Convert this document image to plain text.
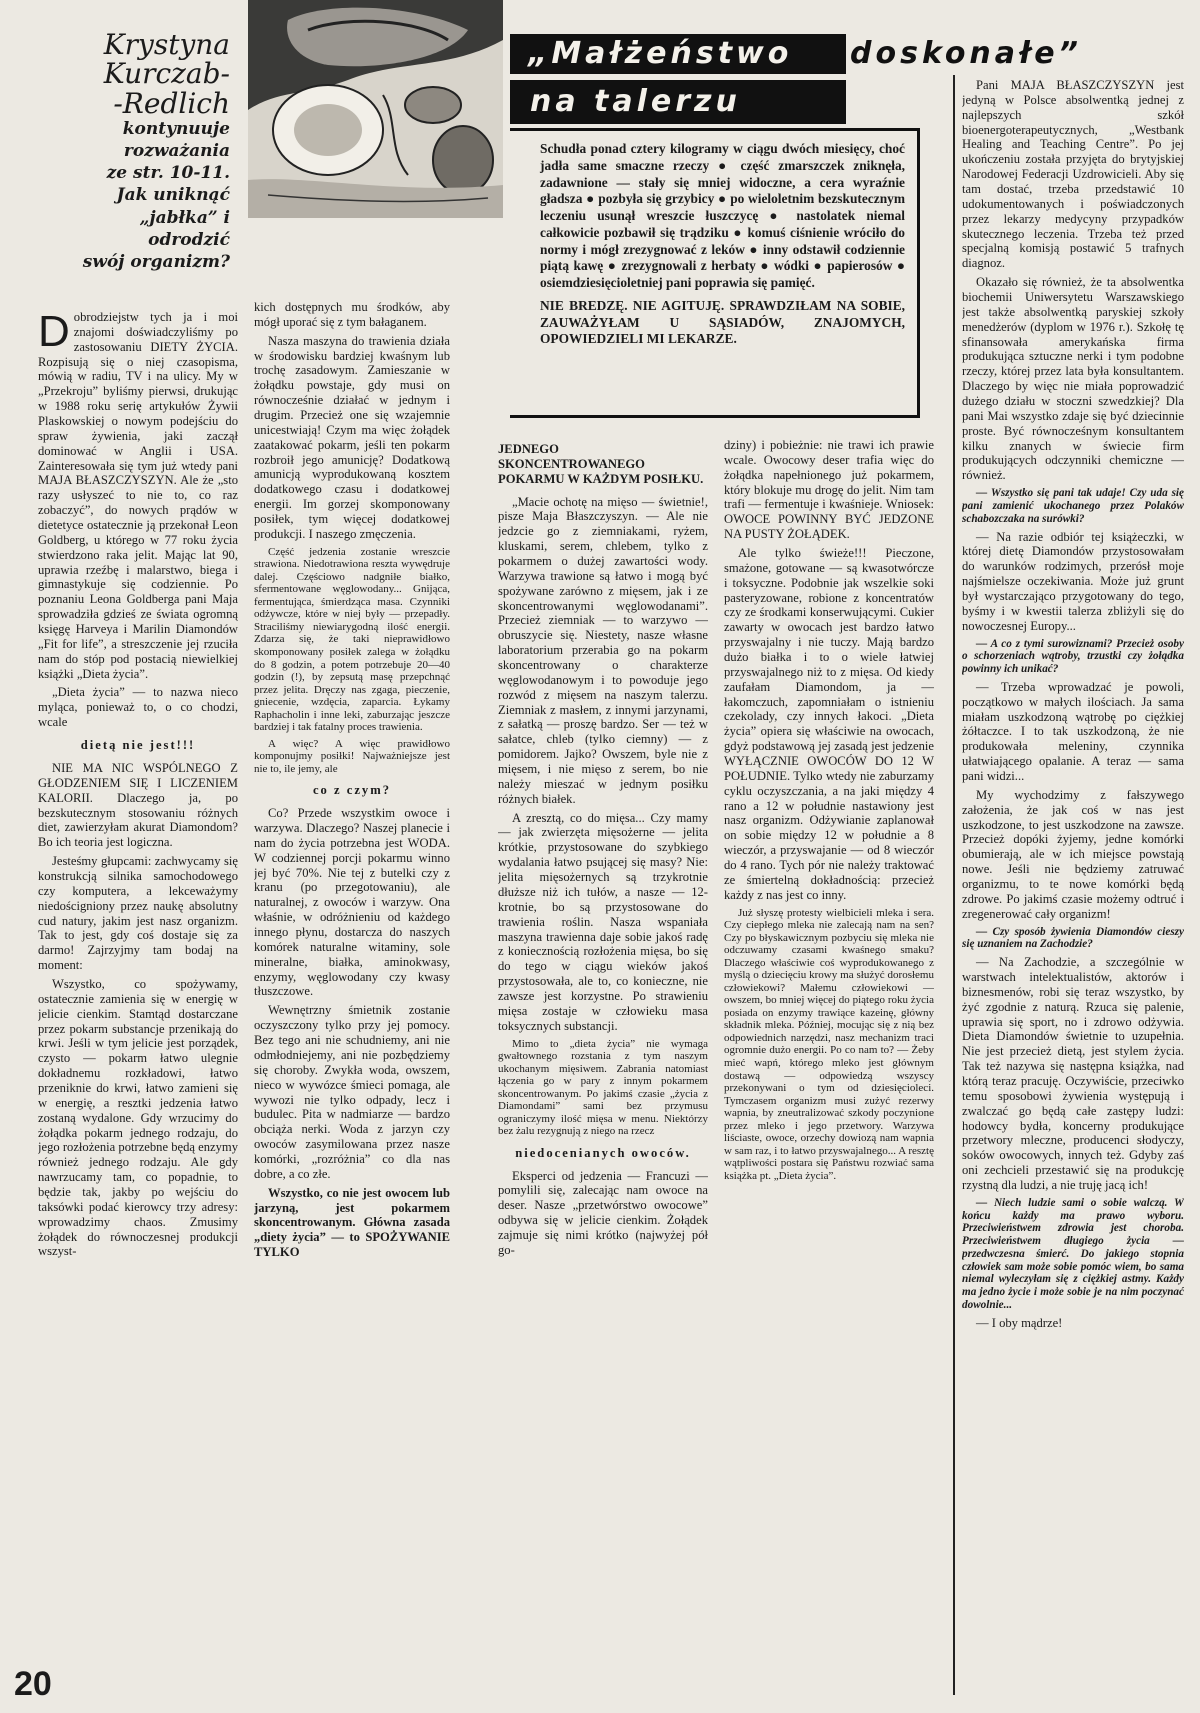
Krystyna
Kurczab-
-Redlich
kontynuuje
rozważania
ze str. 10-11.
Jak uniknąć
„jabłka” i odrodzić
swój organizm?
„Małżeństwo	doskonałe”
na talerzu
Schudła ponad cztery kilogramy w ciągu dwóch miesięcy, choć jadła same smaczne rzeczy ● część zmarszczek zniknęła, zadawnione — stały się mniej widoczne, a cera wyraźnie gładsza ● pozbyła się grzybicy ● po wieloletnim bezskutecznym leczeniu usunął wreszcie łuszczycę ● nastolatek niemal całkowicie pozbawił się trądziku ● komuś ciśnienie wróciło do normy i mógł zrezygnować z leków ● inny odstawił codziennie piątą kawę ● zrezygnowali z herbaty ● wódki ● papierosów ● osiemdziesięcioletniej pani poprawia się pamięć.
NIE BREDZĘ. NIE AGITUJĘ. SPRAWDZIŁAM NA SOBIE, ZAUWAŻYŁAM U SĄSIADÓW, ZNAJOMYCH, OPOWIEDZIELI MI LEKARZE.

Dobrodziejstw tych ja i moi znajomi doświadczyliśmy po zastosowaniu DIETY ŻYCIA. Rozpisują się o niej czasopisma, mówią w radiu, TV i na ulicy. My w „Przekroju” byliśmy pierwsi, drukując w 1988 roku serię artykułów Żywii Plaskowskiej o nowym podejściu do spraw żywienia, jaki zaczął dominować w Anglii i USA. Zainteresowała się tym już wtedy pani MAJA BŁASZCZYSZYN. Ale że „sto razy usłyszeć to nie to, co raz zobaczyć”, do nowych prądów w dietetyce ostatecznie ją przekonał Leon Goldberg, u którego w 77 roku życia stwierdzono raka jelit. Mając lat 90, uprawia rzeźbę i malarstwo, biega i gimnastykuje się codziennie. Po poznaniu Leona Goldberga pani Maja sprowadziła gdzieś ze świata ogromną księgę Harveya i Marilin Diamondów „Fit for life”, a streszczenie jej rzuciła nam do stóp pod postacią niewielkiej książki „Dieta życia”.

„Dieta życia” — to nazwa nieco myląca, ponieważ to, o co chodzi, wcale

dietą nie jest!!!

NIE MA NIC WSPÓLNEGO Z GŁODZENIEM SIĘ I LICZENIEM KALORII. Dlaczego ja, po bezskutecznym stosowaniu różnych diet, zawierzyłam akurat Diamondom? Bo ich teoria jest logiczna.

Jesteśmy głupcami: zachwycamy się konstrukcją silnika samochodowego czy komputera, a lekceważymy niedościgniony przez naukę absolutny cud natury, jakim jest nasz organizm. Tak to jest, gdy coś dostaje się za darmo! Zajrzyjmy tam bodaj na moment:

Wszystko, co spożywamy, ostatecznie zamienia się w energię w jelicie cienkim. Stamtąd dostarczane przez pokarm substancje przenikają do krwi. Jeśli w tym jelicie jest porządek, czysto — pokarm łatwo ulegnie dokładnemu rozkładowi, łatwo przeniknie do krwi, łatwo zamieni się w energię, a resztki jedzenia łatwo zostaną wydalone. Gdy wrzucimy do żołądka pokarm jednego rodzaju, do jego rozłożenia potrzebne będą enzymy również jednego rodzaju. Ale gdy nawrzucamy tam, co popadnie, to będzie tak, jakby po wejściu do taksówki podać kierowcy trzy adresy: wprowadzimy chaos. Zmusimy żołądek do równoczesnej produkcji wszyst-

kich dostępnych mu środków, aby mógł uporać się z tym bałaganem.

Nasza maszyna do trawienia działa w środowisku bardziej kwaśnym lub trochę zasadowym. Zamieszanie w żołądku powstaje, gdy musi on równocześnie działać w jednym i drugim. Przecież one się wzajemnie unicestwiają! Czym ma więc żołądek zaatakować pokarm, jeśli ten pokarm rozbroił jego amunicję? Dodatkową amunicją wyprodukowaną kosztem dodatkowego czasu i dodatkowej energii. Im gorzej skomponowany posiłek, tym więcej dodatkowej produkcji. I naszego zmęczenia.

Część jedzenia zostanie wreszcie strawiona. Niedotrawiona reszta wywędruje dalej. Częściowo nadgniłe białko, sfermentowane węglowodany... Gnijąca, fermentująca, śmierdząca masa. Czynniki odżywcze, które w niej były — przepadły. Straciliśmy niewiarygodną ilość energii. Zdarza się, że taki nieprawidłowo skomponowany posiłek zalega w żołądku do 8 godzin, a potem potrzebuje 20—40 godzin (!), by zepsutą masę przepchnąć przez jelita. Dręczy nas zgaga, pieczenie, gniecenie, wzdęcia, zaparcia. Łykamy Raphacholin i inne leki, zaburzając jeszcze bardziej i tak fatalny proces trawienia.

A więc? A więc prawidłowo komponujmy posiłki! Najważniejsze jest nie to, ile jemy, ale

co z czym?

Co? Przede wszystkim owoce i warzywa. Dlaczego? Naszej planecie i nam do życia potrzebna jest WODA. W codziennej porcji pokarmu winno jej być 70%. Nie tej z butelki czy z kranu (po przegotowaniu), ale naturalnej, z owoców i warzyw. Ona właśnie, w odróżnieniu od każdego innego płynu, dostarcza do naszych komórek naturalne witaminy, sole mineralne, białka, aminokwasy, enzymy, węglowodany czy kwasy tłuszczowe.

Wewnętrzny śmietnik zostanie oczyszczony tylko przy jej pomocy. Bez tego ani nie schudniemy, ani nie odmłodniejemy, ani nie pozbędziemy się choroby. Zwykła woda, owszem, nieco w wywózce śmieci pomaga, ale wywozi nie tylko odpady, lecz i budulec. Pita w nadmiarze — bardzo obciąża nerki. Woda z jarzyn czy owoców zasymilowana przez nasze komórki, „rozróżnia” co dla nas dobre, a co złe.

Wszystko, co nie jest owocem lub jarzyną, jest pokarmem skoncentrowanym. Główna zasada „diety życia” — to SPOŻYWANIE TYLKO

JEDNEGO SKONCENTROWANEGO POKARMU W KAŻDYM POSIŁKU.

„Macie ochotę na mięso — świetnie!, pisze Maja Błaszczyszyn. — Ale nie jedzcie go z ziemniakami, ryżem, kluskami, serem, chlebem, tylko z pokarmem o dużej zawartości wody. Warzywa trawione są łatwo i mogą być spożywane zarówno z mięsem, jak i ze skoncentrowanymi węglowodanami”. Przecież ziemniak — to warzywo — obruszycie się. Niestety, nasze własne laboratorium przerabia go na pokarm skoncentrowany o charakterze węglowodanowym i to powoduje jego rozwód z mięsem na naszym talerzu. Ziemniak z masłem, z innymi jarzynami, z sałatką — proszę bardzo. Ser — też w sałatce, chleb (tylko ciemny) — z pomidorem. Jajko? Owszem, byle nie z mięsem, i nie mięso z serem, bo nie należy mieszać w jednym posiłku różnych białek.

A zresztą, co do mięsa... Czy mamy — jak zwierzęta mięsożerne — jelita krótkie, przystosowane do szybkiego wydalania łatwo psującej się masy? Nie: jelita mięsożernych są trzykrotnie dłuższe niż ich tułów, a nasze — 12-krotnie, bo są przystosowane do trawienia roślin. Nasza wspaniała maszyna trawienna daje sobie jakoś radę z koniecznością rozłożenia mięsa, bo się do tego w ciągu wieków jakoś przystosowała, ale to, co konieczne, nie zawsze jest korzystne. Po strawieniu mięsa zostaje w człowieku masa toksycznych substancji.

Mimo to „dieta życia” nie wymaga gwałtownego rozstania z tym naszym ukochanym mięsiwem. Zabrania natomiast łączenia go w pary z innym pokarmem skoncentrowanym. Po jakimś czasie „życia z Diamondami” sami bez przymusu ograniczymy ilość mięsa w menu. Niektórzy bez żalu rezygnują z niego na rzecz

niedocenianych owoców.

Eksperci od jedzenia — Francuzi — pomylili się, zalecając nam owoce na deser. Nasze „przetwórstwo owocowe” odbywa się w jelicie cienkim. Żołądek zajmuje się nimi krótko (najwyżej pół go-

dziny) i pobieżnie: nie trawi ich prawie wcale. Owocowy deser trafia więc do żołądka napełnionego już pokarmem, który blokuje mu drogę do jelit. Nim tam trafi — fermentuje i kwaśnieje. Wniosek: OWOCE POWINNY BYĆ JEDZONE NA PUSTY ŻOŁĄDEK.

Ale tylko świeże!!! Pieczone, smażone, gotowane — są kwasotwórcze i toksyczne. Podobnie jak wszelkie soki pasteryzowane, robione z koncentratów czy ze środkami konserwującymi. Cukier zawarty w owocach jest bardzo łatwo przyswajalny i nie tuczy. Mają bardzo dużo białka i to o wiele łatwiej przyswajalnego niż to z mięsa. Od kiedy zaufałam Diamondom, ja — łakomczuch, zapomniałam o istnieniu czekolady, czy innych łakoci. „Dieta życia” opiera się właściwie na owocach, gdyż podstawową jej zasadą jest jedzenie WYŁĄCZNIE OWOCÓW DO 12 W POŁUDNIE. Tylko wtedy nie zaburzamy cyklu oczyszczania, a na jaki między 4 rano a 12 w południe nastawiony jest nasz organizm. Odżywianie zaplanował on sobie między 12 w południe a 8 wieczór, a przyswajanie — od 8 wieczór do 4 rano. Tych pór nie należy traktować ze śmiertelną dokładnością: przecież każdy z nas jest co inny.

Już słyszę protesty wielbicieli mleka i sera. Czy ciepłego mleka nie zalecają nam na sen? Czy po błyskawicznym pozbyciu się mleka nie odczuwamy czasami kwaśnego smaku? Dlaczego właściwie coś wyprodukowanego z myślą o dziecięciu krowy ma służyć dorosłemu człowiekowi? Małemu człowiekowi — owszem, bo mniej więcej do piątego roku życia posiada on enzymy trawiące kazeinę, główny składnik mleka. Później, mocując się z nią bez odpowiednich narzędzi, nasz mechanizm traci ogromnie dużo energii. Po co nam to? — Żeby mieć wapń, którego mleko jest głównym dostawą — odpowiedzą wszyscy przekonywani o tym od dziesięcioleci. Tymczasem organizm musi zużyć rezerwy wapnia, by zneutralizować szkody poczynione przez mleko i jego przetwory. Warzywa liściaste, owoce, orzechy dowiozą nam wapnia w sam raz, i to łatwo przyswajalnego... A resztę wątpliwości postara się Państwu rozwiać sama książka pt. „Dieta życia”.

Pani MAJA BŁASZCZYSZYN jest jedyną w Polsce absolwentką jednej z najlepszych szkół bioenergoterapeutycznych, „Westbank Healing and Teaching Centre”. Po jej ukończeniu została przyjęta do brytyjskiej Narodowej Federacji Uzdrowicieli. Aby się tam dostać, trzeba przedstawić 10 udokumentowanych i poświadczonych przez lekarzy medycyny przypadków skutecznego leczenia. Trzeba też przed specjalną komisją postawić 5 trafnych diagnoz.

Okazało się również, że ta absolwentka biochemii Uniwersytetu Warszawskiego jest także absolwentką paryskiej szkoły menedżerów (dyplom w 1976 r.). Szkołę tę sfinansowała amerykańska firma produkująca sztuczne nerki i tym podobne rzeczy, której przez lata była konsultantem. Dlaczego by więc nie miała poprowadzić dużego działu w stoczni szwedzkiej? Dla pani Mai wszystko zdaje się być dziecinnie proste. Być równocześnym konsultantem kilku znanych w świecie firm produkujących odczynniki chemiczne — również.

— Wszystko się pani tak udaje! Czy uda się pani zamienić ukochanego przez Polaków schabozczaka na surówki?

— Na razie odbiór tej książeczki, w której dietę Diamondów przystosowałam do warunków rodzimych, przerósł moje najśmielsze oczekiwania. Może już grunt był wystarczająco przygotowany do tego, byśmy i w kwestii talerza zbliżyli się do nowoczesnej Europy...

— A co z tymi surowiznami? Przecież osoby o schorzeniach wątroby, trzustki czy żołądka powinny ich unikać?

— Trzeba wprowadzać je powoli, początkowo w małych ilościach. Ja sama miałam uszkodzoną wątrobę po ciężkiej żółtaczce. I to tak uszkodzoną, że nie produkowała meleniny, czynnika ułatwiającego opalanie. A teraz — sama pani widzi...

My wychodzimy z fałszywego założenia, że jak coś w nas jest uszkodzone, to jest uszkodzone na zawsze. Przecież dopóki żyjemy, jedne komórki obumierają, ale w ich miejsce powstają nowe. Jeśli nie będziemy zatruwać organizmu, to te nowe komórki będą zdrowe. Po jakimś czasie możemy odtruć i zregenerować cały organizm!

— Czy sposób żywienia Diamondów cieszy się uznaniem na Zachodzie?

— Na Zachodzie, a szczególnie w warstwach intelektualistów, aktorów i biznesmenów, robi się teraz wszystko, by żyć zgodnie z naturą. Rzuca się palenie, uprawia się sport, no i zdrowo odżywia. Dieta Diamondów świetnie to uzupełnia. Nie jest przecież dietą, jest stylem życia. Tak też nazywa się następna książka, nad którą teraz pracuję. Oczywiście, przeciwko temu sposobowi żywienia występują i zwalczać go będą całe zastępy ludzi: hodowcy bydła, koncerny produkujące przetwory mleczne, producenci słodyczy, soków owocowych, innych też. Gdyby zaś oni zechcieli przestawić się na produkcję rzystną dla ludzi, a nie truję jacą ich!

— Niech ludzie sami o sobie walczą. W końcu każdy ma prawo wyboru. Przeciwieństwem zdrowia jest choroba. Przeciwieństwem długiego życia — przedwczesna śmierć. Do jakiego stopnia człowiek sam może sobie pomóc wiem, bo sama niemal wyleczyłam się z ciężkiej astmy. Każdy ma jedno życie i może sobie je na nim poczynać dowolnie...

— I oby mądrze!

20
